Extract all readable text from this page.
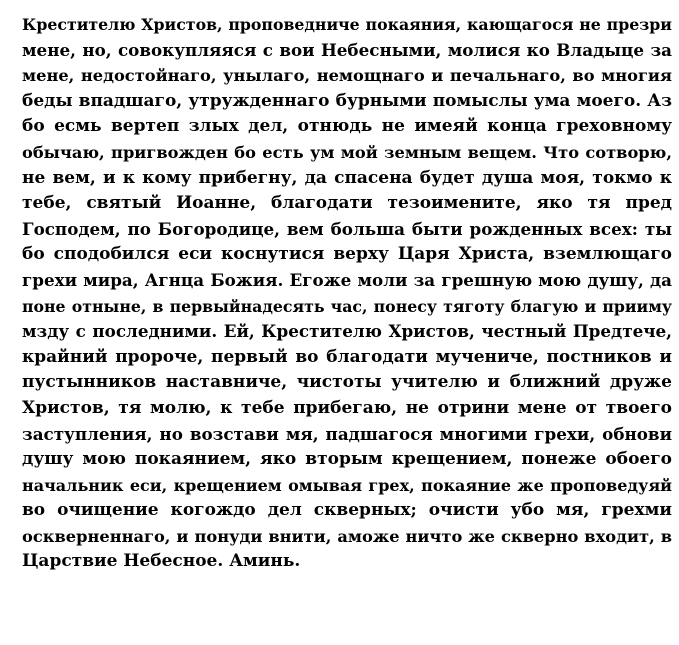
Крестителю Христов, проповедниче покаяния, кающагося не презри
мене, но, совокупляяся с вои Небесными, молися ко Владыце за
мене, недостойнаго, унылаго, немощнаго и печальнаго, во многия
беды впадшаго, утружденнаго бурными помыслы ума моего. Аз
бо есмь вертеп злых дел, отнюдь не имеяй конца греховному
обычаю, пригвожден бо есть ум мой земным вещем. Что сотворю,
не вем, и к кому прибегну, да спасена будет душа моя, токмо к
тебе, святый Иоанне, благодати тезоимените, яко тя пред
Господем, по Богородице, вем больша быти рожденных всех: ты
бо сподобился еси коснутися верху Царя Христа, вземлющаго
грехи мира, Агнца Божия. Егоже моли за грешную мою душу, да
поне отныне, в первыйнадесять час, понесу тяготу благую и прииму
мзду с последними. Ей, Крестителю Христов, честный Предтече,
крайний пророче, первый во благодати мучениче, постников и
пустынников наставниче, чистоты учителю и ближний друже
Христов, тя молю, к тебе прибегаю, не отрини мене от твоего
заступления, но возстави мя, падшагося многими грехи, обнови
душу мою покаянием, яко вторым крещением, понеже обоего
начальник еси, крещением омывая грех, покаяние же проповедуяй
во очищение когождо дел скверных; очисти убо мя, грехми
оскверненнаго, и понуди внити, аможе ничто же скверно входит, в
Царствие Небесное. Аминь.
